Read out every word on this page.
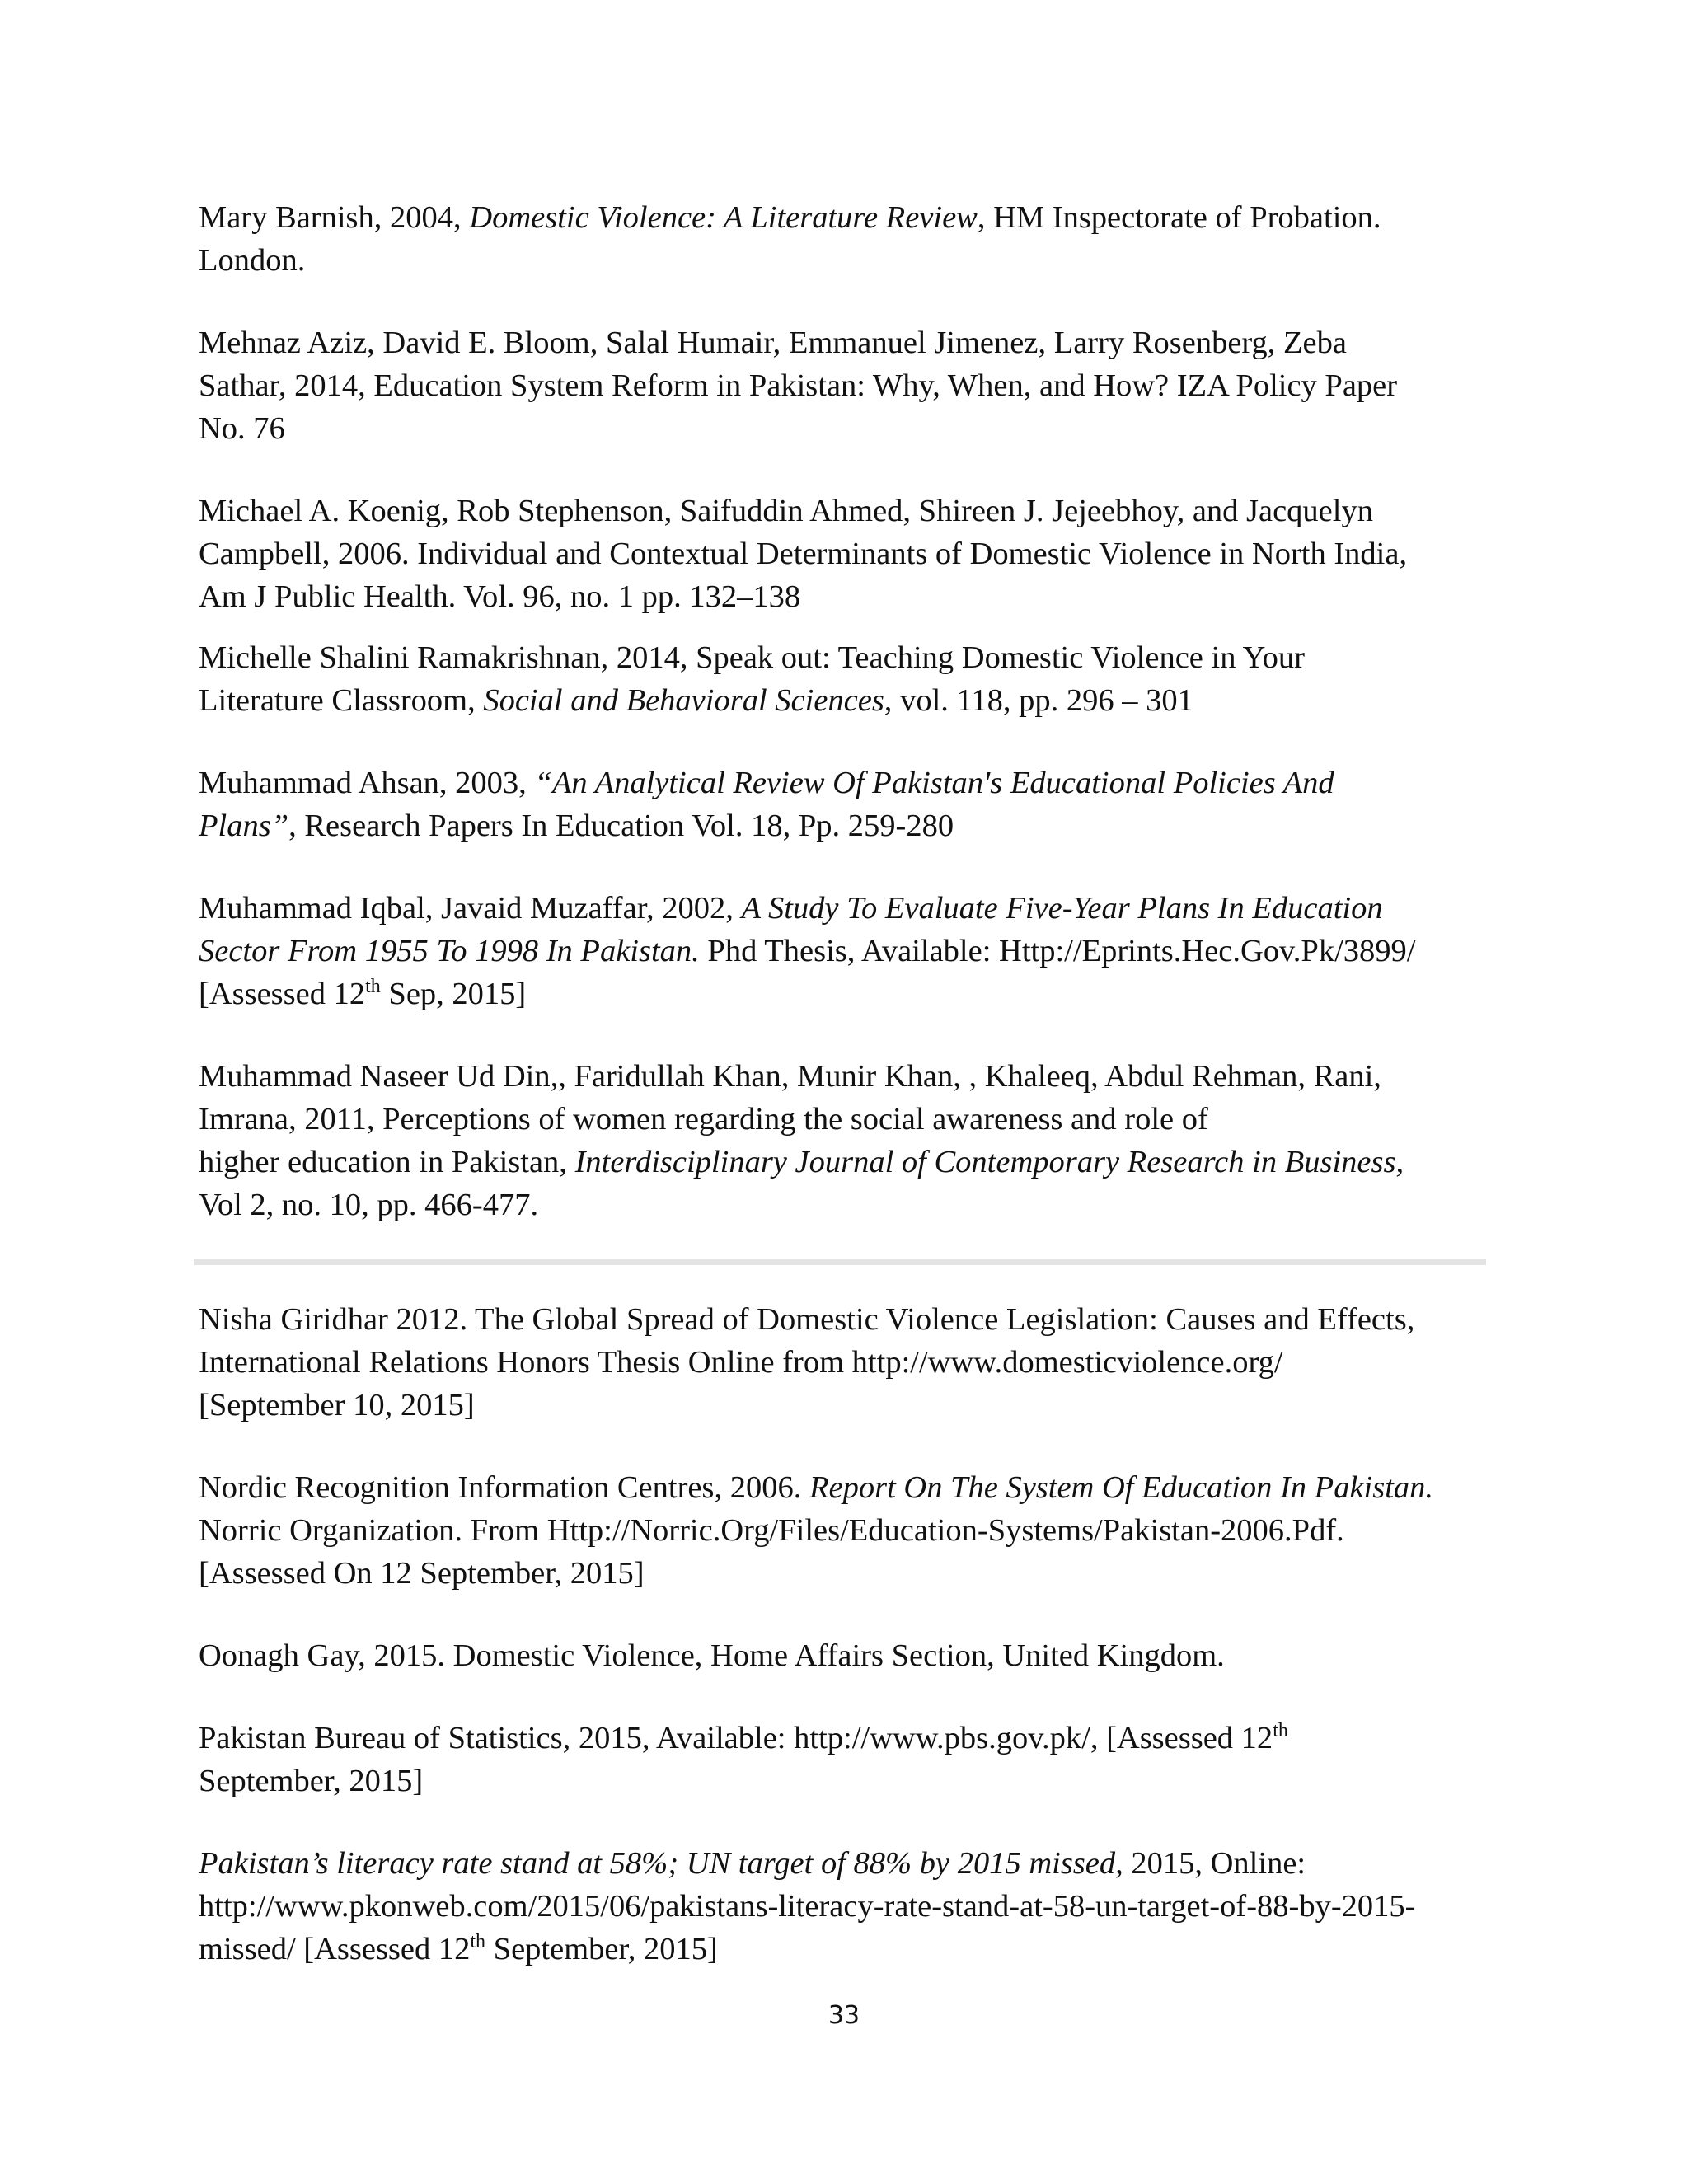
Mary Barnish, 2004, Domestic Violence: A Literature Review, HM Inspectorate of Probation.
London.

Mehnaz Aziz, David E. Bloom, Salal Humair, Emmanuel Jimenez, Larry Rosenberg, Zeba
Sathar, 2014, Education System Reform in Pakistan: Why, When, and How? IZA Policy Paper
No. 76

Michael A. Koenig, Rob Stephenson, Saifuddin Ahmed, Shireen J. Jejeebhoy, and Jacquelyn
Campbell, 2006. Individual and Contextual Determinants of Domestic Violence in North India,
Am J Public Health. Vol. 96, no. 1 pp. 132–138

Michelle Shalini Ramakrishnan, 2014, Speak out: Teaching Domestic Violence in Your
Literature Classroom, Social and Behavioral Sciences, vol. 118, pp. 296 – 301

Muhammad Ahsan, 2003, “An Analytical Review Of Pakistan's Educational Policies And
Plans”, Research Papers In Education Vol. 18, Pp. 259-280

Muhammad Iqbal, Javaid Muzaffar, 2002, A Study To Evaluate Five-Year Plans In Education
Sector From 1955 To 1998 In Pakistan. Phd Thesis, Available: Http://Eprints.Hec.Gov.Pk/3899/
[Assessed 12th Sep, 2015]

Muhammad Naseer Ud Din,, Faridullah Khan, Munir Khan, , Khaleeq, Abdul Rehman, Rani,
Imrana, 2011, Perceptions of women regarding the social awareness and role of
higher education in Pakistan, Interdisciplinary Journal of Contemporary Research in Business,
Vol 2, no. 10, pp. 466-477.

Nisha Giridhar 2012. The Global Spread of Domestic Violence Legislation: Causes and Effects,
International Relations Honors Thesis Online from http://www.domesticviolence.org/
[September 10, 2015]

Nordic Recognition Information Centres, 2006. Report On The System Of Education In Pakistan.
Norric Organization. From Http://Norric.Org/Files/Education-Systems/Pakistan-2006.Pdf.
[Assessed On 12 September, 2015]

Oonagh Gay, 2015. Domestic Violence, Home Affairs Section, United Kingdom.

Pakistan Bureau of Statistics, 2015, Available: http://www.pbs.gov.pk/, [Assessed 12th
September, 2015]

Pakistan’s literacy rate stand at 58%; UN target of 88% by 2015 missed, 2015, Online:
http://www.pkonweb.com/2015/06/pakistans-literacy-rate-stand-at-58-un-target-of-88-by-2015-
missed/ [Assessed 12th September, 2015]

33
